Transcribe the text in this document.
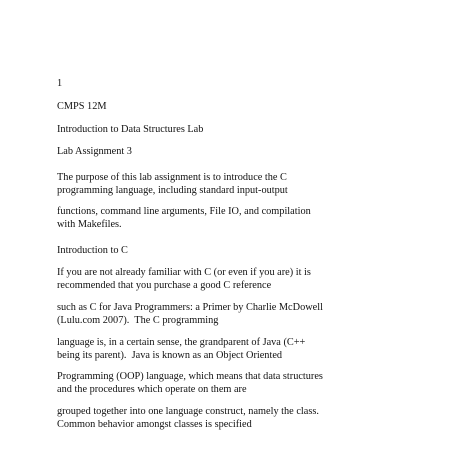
1
CMPS 12M
Introduction to Data Structures Lab
Lab Assignment 3
The purpose of this lab assignment is to introduce the C
programming language, including standard input-output
functions, command line arguments, File IO, and compilation
with Makefiles.
Introduction to C
If you are not already familiar with C (or even if you are) it is
recommended that you purchase a good C reference
such as C for Java Programmers: a Primer by Charlie McDowell
(Lulu.com 2007).  The C programming
language is, in a certain sense, the grandparent of Java (C++
being its parent).  Java is known as an Object Oriented
Programming (OOP) language, which means that data structures
and the procedures which operate on them are
grouped together into one language construct, namely the class.
Common behavior amongst classes is specified
